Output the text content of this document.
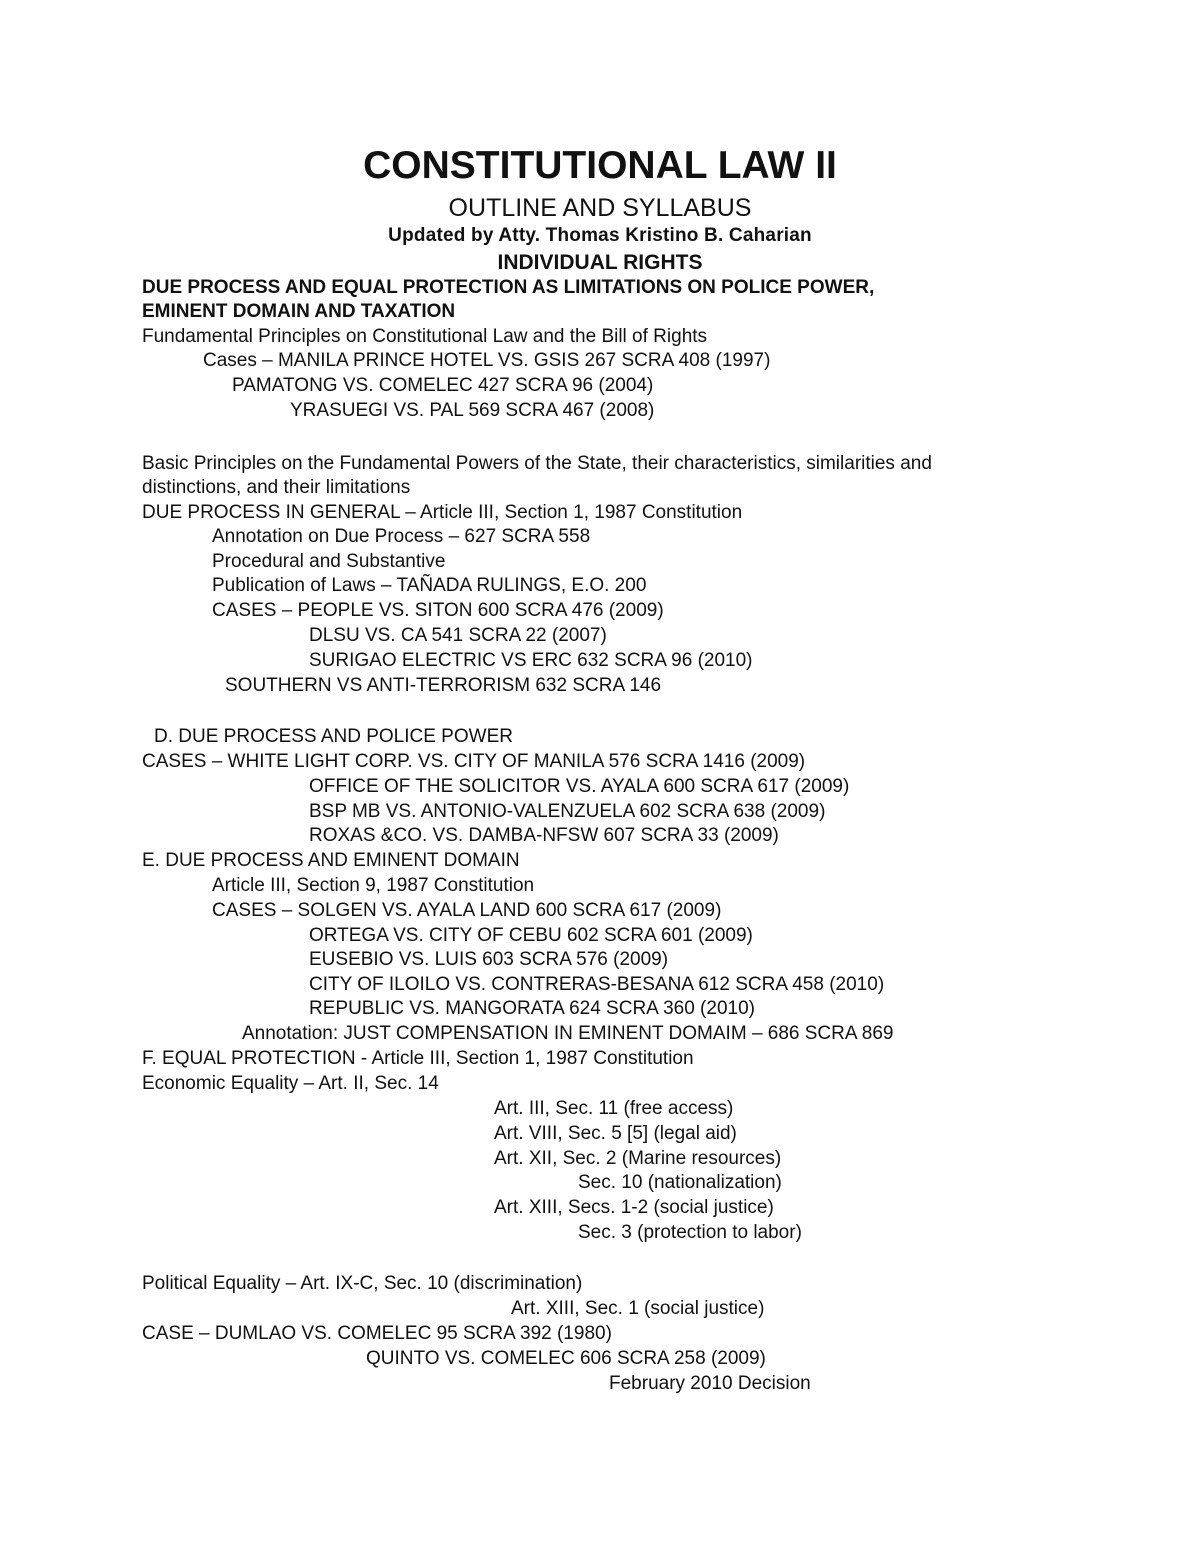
CONSTITUTIONAL LAW II
OUTLINE AND SYLLABUS
Updated by Atty. Thomas Kristino B. Caharian
INDIVIDUAL RIGHTS
DUE PROCESS AND EQUAL PROTECTION AS LIMITATIONS ON POLICE POWER,
EMINENT DOMAIN AND TAXATION
Fundamental Principles on Constitutional Law and the Bill of Rights
Cases – MANILA PRINCE HOTEL VS. GSIS 267 SCRA 408 (1997)
PAMATONG VS. COMELEC 427 SCRA 96 (2004)
YRASUEGI VS. PAL 569 SCRA 467 (2008)
Basic Principles on the Fundamental Powers of the State, their characteristics, similarities and
distinctions, and their limitations
DUE PROCESS IN GENERAL – Article III, Section 1, 1987 Constitution
Annotation on Due Process – 627 SCRA 558
Procedural and Substantive
Publication of Laws – TAÑADA RULINGS, E.O. 200
CASES – PEOPLE VS. SITON 600 SCRA 476 (2009)
DLSU VS. CA 541 SCRA 22 (2007)
SURIGAO ELECTRIC VS ERC 632 SCRA 96 (2010)
SOUTHERN VS ANTI-TERRORISM 632 SCRA 146
D. DUE PROCESS AND POLICE POWER
CASES – WHITE LIGHT CORP. VS. CITY OF MANILA 576 SCRA 1416 (2009)
OFFICE OF THE SOLICITOR VS. AYALA 600 SCRA 617 (2009)
BSP MB VS. ANTONIO-VALENZUELA 602 SCRA 638 (2009)
ROXAS &CO. VS. DAMBA-NFSW 607 SCRA 33 (2009)
E. DUE PROCESS AND EMINENT DOMAIN
Article III, Section 9, 1987 Constitution
CASES – SOLGEN VS. AYALA LAND 600 SCRA 617 (2009)
ORTEGA VS. CITY OF CEBU 602 SCRA 601 (2009)
EUSEBIO VS. LUIS 603 SCRA 576 (2009)
CITY OF ILOILO VS. CONTRERAS-BESANA 612 SCRA 458 (2010)
REPUBLIC VS. MANGORATA 624 SCRA 360 (2010)
Annotation: JUST COMPENSATION IN EMINENT DOMAIM – 686 SCRA 869
F. EQUAL PROTECTION - Article III, Section 1, 1987 Constitution
Economic Equality – Art. II, Sec. 14
Art. III, Sec. 11 (free access)
Art. VIII, Sec. 5 [5] (legal aid)
Art. XII, Sec. 2 (Marine resources)
Sec. 10 (nationalization)
Art. XIII, Secs. 1-2 (social justice)
Sec. 3 (protection to labor)
Political Equality – Art. IX-C, Sec. 10 (discrimination)
Art. XIII, Sec. 1 (social justice)
CASE – DUMLAO VS. COMELEC 95 SCRA 392 (1980)
QUINTO VS. COMELEC 606 SCRA 258 (2009)
February 2010 Decision
